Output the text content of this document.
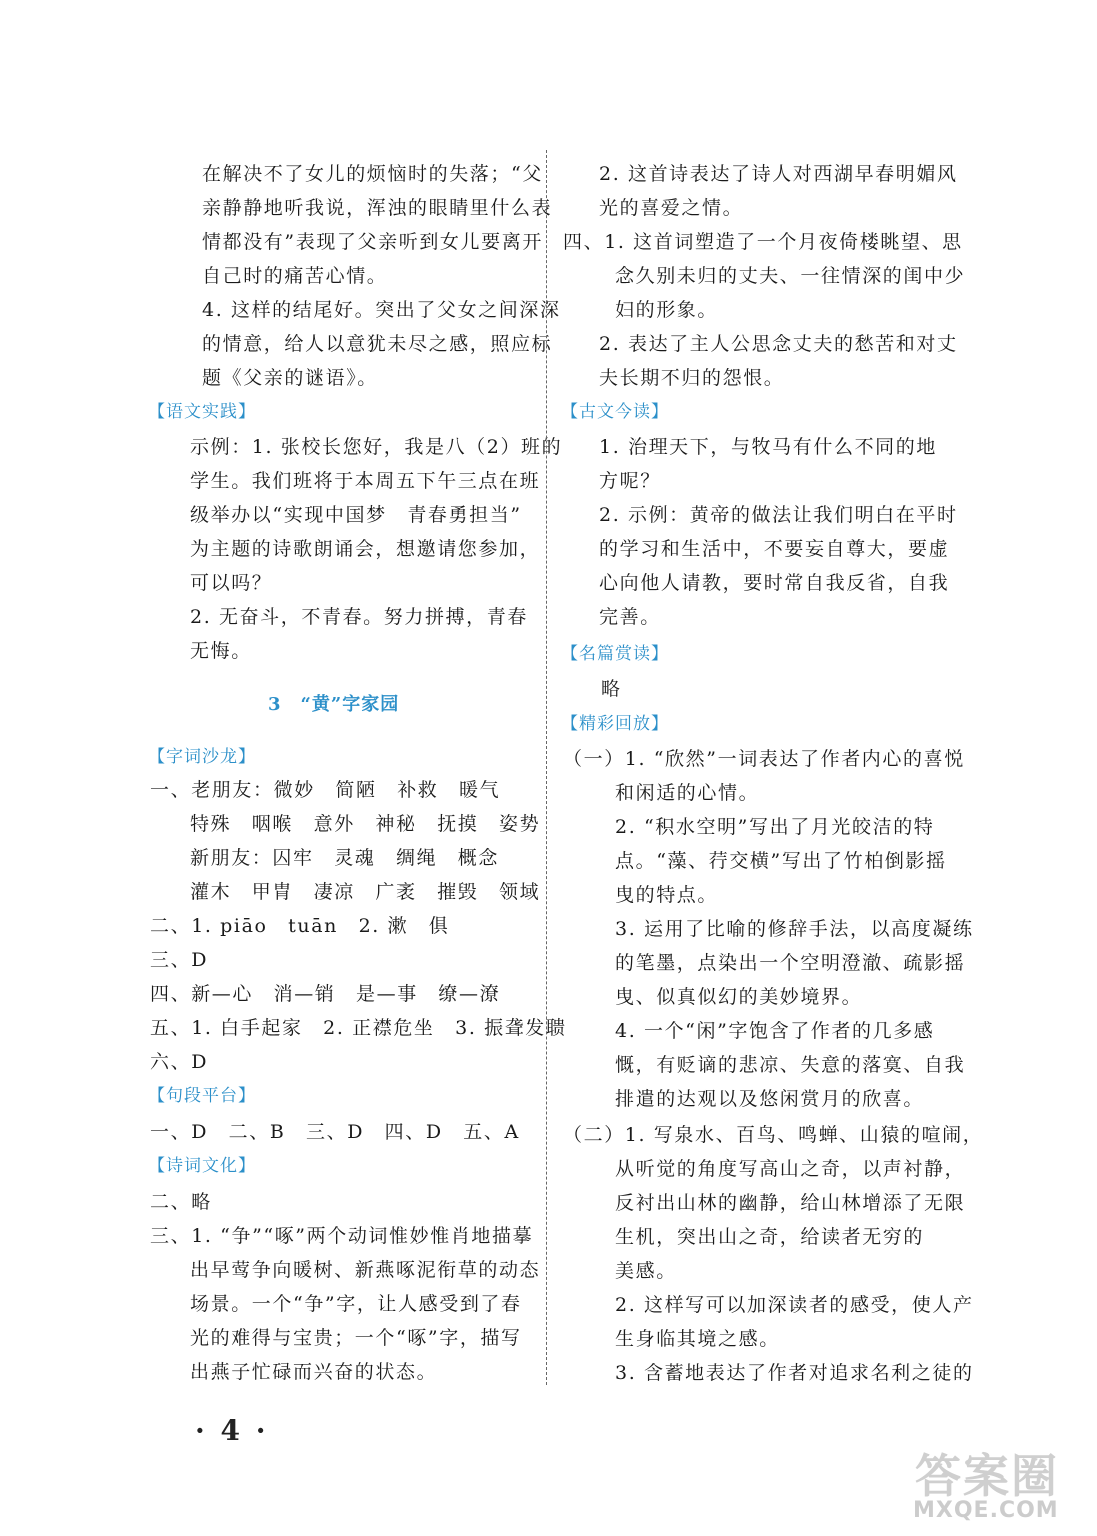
在解决不了女儿的烦恼时的失落；“父
亲静静地听我说，浑浊的眼睛里什么表
情都没有”表现了父亲听到女儿要离开
自己时的痛苦心情。
4. 这样的结尾好。突出了父女之间深深
的情意，给人以意犹未尽之感，照应标
题《父亲的谜语》。
【语文实践】
示例：1. 张校长您好，我是八（2）班的
学生。我们班将于本周五下午三点在班
级举办以“实现中国梦　青春勇担当”
为主题的诗歌朗诵会，想邀请您参加，
可以吗？
2. 无奋斗，不青春。努力拼搏，青春
无悔。
3　“黄”字家园
【字词沙龙】
一、老朋友：微妙　简陋　补救　暖气
特殊　咽喉　意外　神秘　抚摸　姿势
新朋友：囚牢　灵魂　绸绳　概念
灌木　甲胄　凄凉　广袤　摧毁　领域
二、1. piāo　tuān　2. 漱　俱
三、D
四、新—心　消—销　是—事　缭—潦
五、1. 白手起家　2. 正襟危坐　3. 振聋发聩
六、D
【句段平台】
一、D　二、B　三、D　四、D　五、A
【诗词文化】
二、略
三、1. “争”“啄”两个动词惟妙惟肖地描摹
出早莺争向暖树、新燕啄泥衔草的动态
场景。一个“争”字，让人感受到了春
光的难得与宝贵；一个“啄”字，描写
出燕子忙碌而兴奋的状态。
2. 这首诗表达了诗人对西湖早春明媚风
光的喜爱之情。
四、1. 这首词塑造了一个月夜倚楼眺望、思
念久别未归的丈夫、一往情深的闺中少
妇的形象。
2. 表达了主人公思念丈夫的愁苦和对丈
夫长期不归的怨恨。
【古文今读】
1. 治理天下，与牧马有什么不同的地
方呢？
2. 示例：黄帝的做法让我们明白在平时
的学习和生活中，不要妄自尊大，要虚
心向他人请教，要时常自我反省，自我
完善。
【名篇赏读】
略
【精彩回放】
（一）1. “欣然”一词表达了作者内心的喜悦
和闲适的心情。
2. “积水空明”写出了月光皎洁的特
点。“藻、荇交横”写出了竹柏倒影摇
曳的特点。
3. 运用了比喻的修辞手法，以高度凝练
的笔墨，点染出一个空明澄澈、疏影摇
曳、似真似幻的美妙境界。
4. 一个“闲”字饱含了作者的几多感
慨，有贬谪的悲凉、失意的落寞、自我
排遣的达观以及悠闲赏月的欣喜。
（二）1. 写泉水、百鸟、鸣蝉、山猿的喧闹，
从听觉的角度写高山之奇，以声衬静，
反衬出山林的幽静，给山林增添了无限
生机，突出山之奇，给读者无穷的
美感。
2. 这样写可以加深读者的感受，使人产
生身临其境之感。
3. 含蓄地表达了作者对追求名利之徒的
· 4 ·
答案圈
MXQE.COM
